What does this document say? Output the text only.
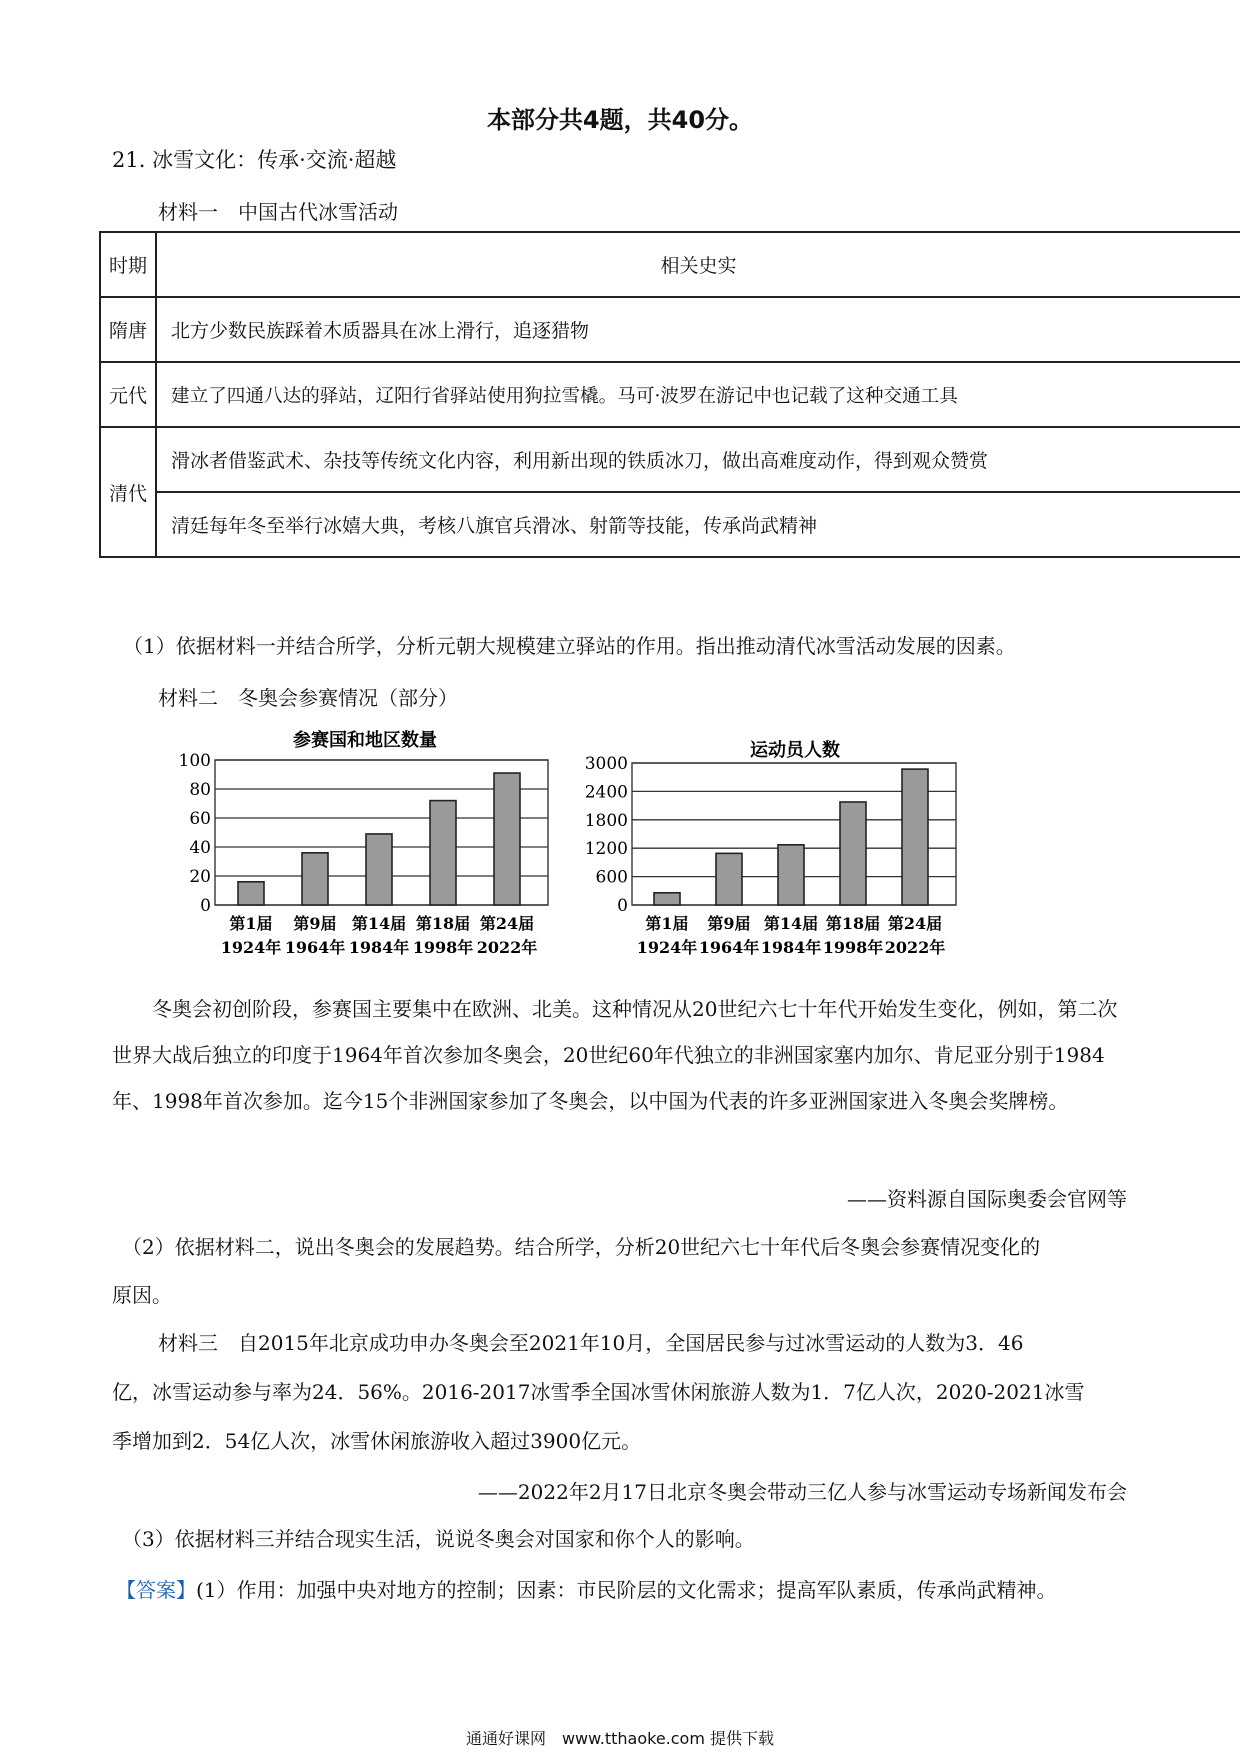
本部分共4题，共40分。
21. 冰雪文化：传承·交流·超越
材料一　中国古代冰雪活动
时期	相关史实
隋唐	北方少数民族踩着木质器具在冰上滑行，追逐猎物
元代	建立了四通八达的驿站，辽阳行省驿站使用狗拉雪橇。马可·波罗在游记中也记载了这种交通工具
清代	滑冰者借鉴武术、杂技等传统文化内容，利用新出现的铁质冰刀，做出高难度动作，得到观众赞赏
	清廷每年冬至举行冰嬉大典，考核八旗官兵滑冰、射箭等技能，传承尚武精神
（1）依据材料一并结合所学，分析元朝大规模建立驿站的作用。指出推动清代冰雪活动发展的因素。
材料二　冬奥会参赛情况（部分）
参赛国和地区数量
0
20
40
60
80
100
第1届
1924年
第9届
1964年
第14届
1984年
第18届
1998年
第24届
2022年
运动员人数
0
600
1200
1800
2400
3000
第1届
1924年
第9届
1964年
第14届
1984年
第18届
1998年
第24届
2022年
冬奥会初创阶段，参赛国主要集中在欧洲、北美。这种情况从20世纪六七十年代开始发生变化，例如，第二次世界大战后独立的印度于1964年首次参加冬奥会，20世纪60年代独立的非洲国家塞内加尔、肯尼亚分别于1984年、1998年首次参加。迄今15个非洲国家参加了冬奥会，以中国为代表的许多亚洲国家进入冬奥会奖牌榜。
——资料源自国际奥委会官网等
（2）依据材料二，说出冬奥会的发展趋势。结合所学，分析20世纪六七十年代后冬奥会参赛情况变化的
原因。
材料三　自2015年北京成功申办冬奥会至2021年10月，全国居民参与过冰雪运动的人数为3．46
亿，冰雪运动参与率为24．56%。2016-2017冰雪季全国冰雪休闲旅游人数为1．7亿人次，2020-2021冰雪
季增加到2．54亿人次，冰雪休闲旅游收入超过3900亿元。
——2022年2月17日北京冬奥会带动三亿人参与冰雪运动专场新闻发布会
（3）依据材料三并结合现实生活，说说冬奥会对国家和你个人的影响。
【答案】(1）作用：加强中央对地方的控制；因素：市民阶层的文化需求；提高军队素质，传承尚武精神。
通通好课网　www.tthaoke.com 提供下载
